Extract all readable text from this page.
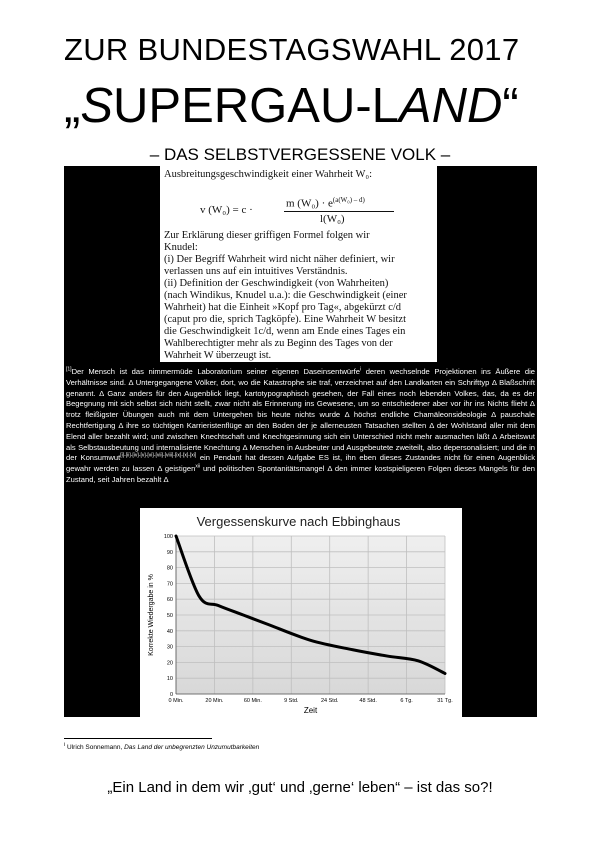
ZUR BUNDESTAGSWAHL 2017
„SUPERGAU-LAND“
– DAS SELBSTVERGESSENE VOLK –
Ausbreitungsgeschwindigkeit einer Wahrheit W₀:
v (W₀) = c ·
m $(W_0) \cdot e^{(a(W_0) - d)}$
l(W₀)
Zur Erklärung dieser griffigen Formel folgen wir
Knudel:
(i) Der Begriff Wahrheit wird nicht näher definiert, wir
verlassen uns auf ein intuitives Verständnis.
(ii) Definition der Geschwindigkeit (von Wahrheiten)
(nach Windikus, Knudel u.a.): die Geschwindigkeit (einer
Wahrheit) hat die Einheit »Kopf pro Tag«, abgekürzt c/d
(caput pro die, sprich Tagköpfe). Eine Wahrheit W besitzt
die Geschwindigkeit 1c/d, wenn am Ende eines Tages ein
Wahlberechtigter mehr als zu Beginn des Tages von der
Wahrheit W überzeugt ist.
[1]Der Mensch ist das nimmermüde Laboratorium seiner eigenen Daseinsentwürfe$^i$ deren wechselnde Projektionen ins Äußere die Verhältnisse sind. Δ Untergegangene Völker, dort, wo die Katastrophe sie traf, verzeichnet auf den Landkarten ein Schrifttyp Δ Blaßschrift genannt. Δ Ganz anders für den Augenblick liegt, kartotypographisch gesehen, der Fall eines noch lebenden Volkes, das, da es der Begegnung mit sich selbst sich nicht stellt, zwar nicht als Erinnerung ins Gewesene, um so entschiedener aber vor ihr ins Nichts flieht Δ trotz fleißigster Übungen auch mit dem Untergehen bis heute nichts wurde Δ höchst endliche Chamäleonsideologie Δ pauschale Rechtfertigung Δ ihre so tüchtigen Karrieristenflüge an den Boden der je allerneusten Tatsachen stellten Δ der Wohlstand aller mit dem Elend aller bezahlt wird; und zwischen Knechtschaft und Knechtgesinnung sich ein Unterschied nicht mehr ausmachen läßt Δ Arbeitswut als Selbstausbeutung und internalisierte Knechtung Δ Menschen in Ausbeuter und Ausgebeutete zweiteilt, also depersonalisiert; und die in der Konsumwut[i]-[ii]-[iv]-[v]-[vi]-[vii]-[viii]-[ix]-[x]-[xi] ein Pendant hat dessen Aufgabe ES ist, ihn eben dieses Zustandes nicht für einen Augenblick gewahr werden zu lassen Δ geistigen$^{xii}$ und politischen Spontanitätsmangel Δ den immer kostspieligeren Folgen dieses Mangels für den Zustand, seit Jahren bezahlt Δ
Vergessenskurve nach Ebbinghaus
0
10
20
30
40
50
60
70
80
90
100
0 Min.	20 Min.	60 Min.	9 Std.	24 Std.	48 Std.	6 Tg.	31 Tg.
Zeit
Korrekte Wiedergabe in %
$^i$ Ulrich Sonnemann, Das Land der unbegrenzten Unzumutbarkeiten
„Ein Land in dem wir ‚gut‘ und ‚gerne‘ leben“ – ist das so?!
